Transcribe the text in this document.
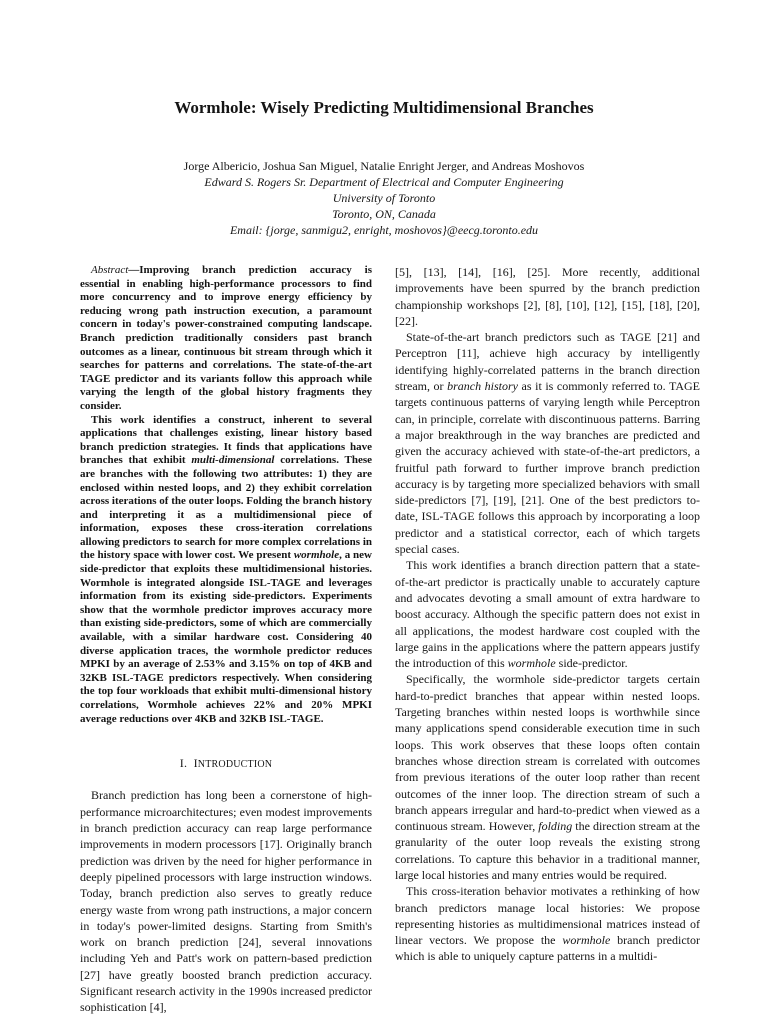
Wormhole: Wisely Predicting Multidimensional Branches
Jorge Albericio, Joshua San Miguel, Natalie Enright Jerger, and Andreas Moshovos
Edward S. Rogers Sr. Department of Electrical and Computer Engineering
University of Toronto
Toronto, ON, Canada
Email: {jorge, sanmigu2, enright, moshovos}@eecg.toronto.edu

Abstract—Improving branch prediction accuracy is essential in enabling high-performance processors to find more concurrency and to improve energy efficiency by reducing wrong path instruction execution, a paramount concern in today's power-constrained computing landscape. Branch prediction traditionally considers past branch outcomes as a linear, continuous bit stream through which it searches for patterns and correlations. The state-of-the-art TAGE predictor and its variants follow this approach while varying the length of the global history fragments they consider.

This work identifies a construct, inherent to several applications that challenges existing, linear history based branch prediction strategies. It finds that applications have branches that exhibit multi-dimensional correlations. These are branches with the following two attributes: 1) they are enclosed within nested loops, and 2) they exhibit correlation across iterations of the outer loops. Folding the branch history and interpreting it as a multidimensional piece of information, exposes these cross-iteration correlations allowing predictors to search for more complex correlations in the history space with lower cost. We present wormhole, a new side-predictor that exploits these multidimensional histories. Wormhole is integrated alongside ISL-TAGE and leverages information from its existing side-predictors. Experiments show that the wormhole predictor improves accuracy more than existing side-predictors, some of which are commercially available, with a similar hardware cost. Considering 40 diverse application traces, the wormhole predictor reduces MPKI by an average of 2.53% and 3.15% on top of 4KB and 32KB ISL-TAGE predictors respectively. When considering the top four workloads that exhibit multi-dimensional history correlations, Wormhole achieves 22% and 20% MPKI average reductions over 4KB and 32KB ISL-TAGE.

I. INTRODUCTION

Branch prediction has long been a cornerstone of high-performance microarchitectures; even modest improvements in branch prediction accuracy can reap large performance improvements in modern processors [17]. Originally branch prediction was driven by the need for higher performance in deeply pipelined processors with large instruction windows. Today, branch prediction also serves to greatly reduce energy waste from wrong path instructions, a major concern in today's power-limited designs. Starting from Smith's work on branch prediction [24], several innovations including Yeh and Patt's work on pattern-based prediction [27] have greatly boosted branch prediction accuracy. Significant research activity in the 1990s increased predictor sophistication [4],

[5], [13], [14], [16], [25]. More recently, additional improvements have been spurred by the branch prediction championship workshops [2], [8], [10], [12], [15], [18], [20], [22].

State-of-the-art branch predictors such as TAGE [21] and Perceptron [11], achieve high accuracy by intelligently identifying highly-correlated patterns in the branch direction stream, or branch history as it is commonly referred to. TAGE targets continuous patterns of varying length while Perceptron can, in principle, correlate with discontinuous patterns. Barring a major breakthrough in the way branches are predicted and given the accuracy achieved with state-of-the-art predictors, a fruitful path forward to further improve branch prediction accuracy is by targeting more specialized behaviors with small side-predictors [7], [19], [21]. One of the best predictors to-date, ISL-TAGE follows this approach by incorporating a loop predictor and a statistical corrector, each of which targets special cases.

This work identifies a branch direction pattern that a state-of-the-art predictor is practically unable to accurately capture and advocates devoting a small amount of extra hardware to boost accuracy. Although the specific pattern does not exist in all applications, the modest hardware cost coupled with the large gains in the applications where the pattern appears justify the introduction of this wormhole side-predictor.

Specifically, the wormhole side-predictor targets certain hard-to-predict branches that appear within nested loops. Targeting branches within nested loops is worthwhile since many applications spend considerable execution time in such loops. This work observes that these loops often contain branches whose direction stream is correlated with outcomes from previous iterations of the outer loop rather than recent outcomes of the inner loop. The direction stream of such a branch appears irregular and hard-to-predict when viewed as a continuous stream. However, folding the direction stream at the granularity of the outer loop reveals the existing strong correlations. To capture this behavior in a traditional manner, large local histories and many entries would be required.

This cross-iteration behavior motivates a rethinking of how branch predictors manage local histories: We propose representing histories as multidimensional matrices instead of linear vectors. We propose the wormhole branch predictor which is able to uniquely capture patterns in a multidi-
